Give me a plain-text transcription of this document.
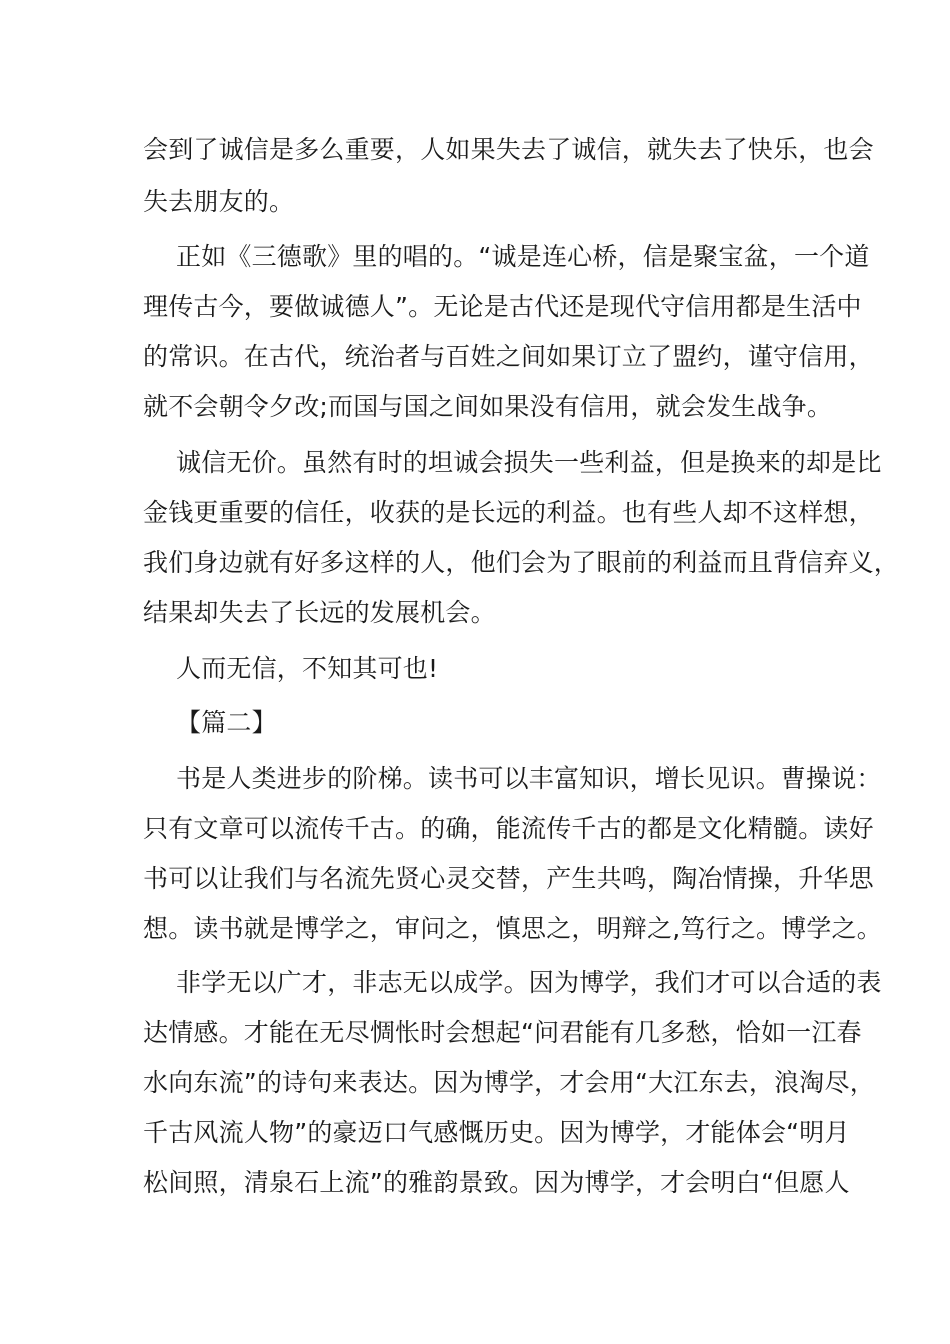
会到了诚信是多么重要，人如果失去了诚信，就失去了快乐，也会
失去朋友的。
正如《三德歌》里的唱的。“诚是连心桥，信是聚宝盆，一个道
理传古今，要做诚德人”。无论是古代还是现代守信用都是生活中
的常识。在古代，统治者与百姓之间如果订立了盟约，谨守信用，
就不会朝令夕改;而国与国之间如果没有信用，就会发生战争。
诚信无价。虽然有时的坦诚会损失一些利益，但是换来的却是比
金钱更重要的信任，收获的是长远的利益。也有些人却不这样想，
我们身边就有好多这样的人，他们会为了眼前的利益而且背信弃义，
结果却失去了长远的发展机会。
人而无信，不知其可也!
【篇二】
书是人类进步的阶梯。读书可以丰富知识，增长见识。曹操说：
只有文章可以流传千古。的确，能流传千古的都是文化精髓。读好
书可以让我们与名流先贤心灵交替，产生共鸣，陶冶情操，升华思
想。读书就是博学之，审问之，慎思之，明辩之,笃行之。博学之。
非学无以广才，非志无以成学。因为博学，我们才可以合适的表
达情感。才能在无尽惆怅时会想起“问君能有几多愁，恰如一江春
水向东流”的诗句来表达。因为博学，才会用“大江东去，浪淘尽，
千古风流人物”的豪迈口气感慨历史。因为博学，才能体会“明月
松间照，清泉石上流”的雅韵景致。因为博学，才会明白“但愿人
